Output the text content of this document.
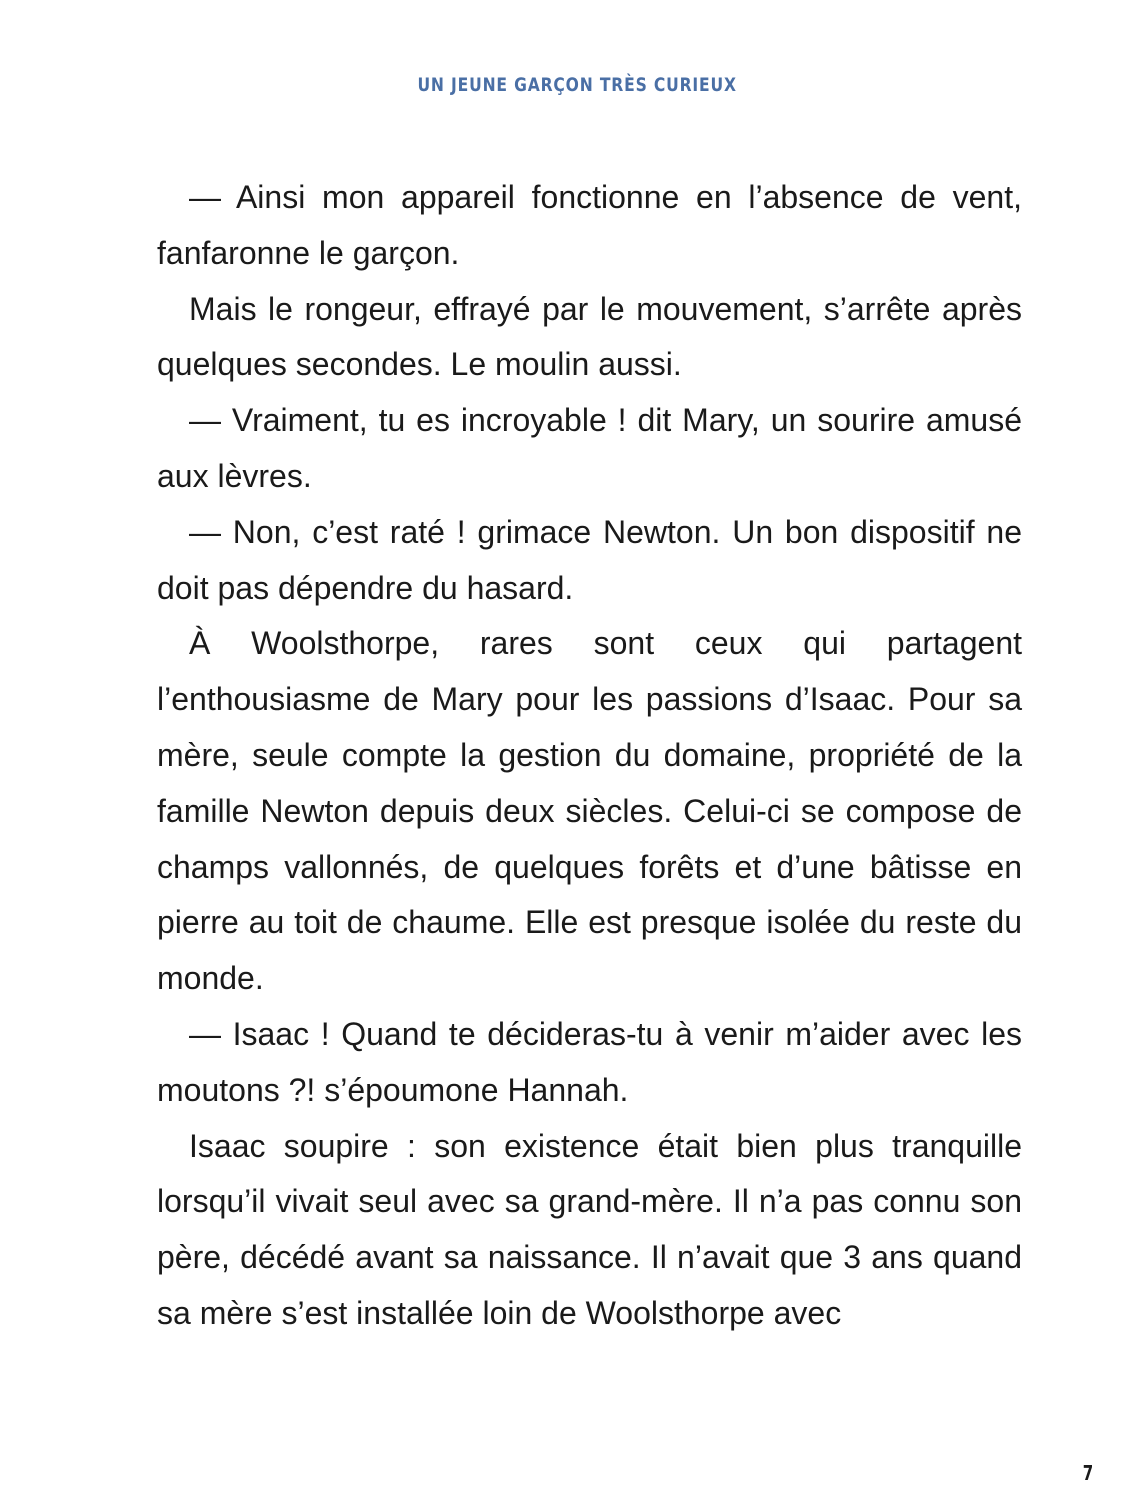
UN JEUNE GARÇON TRÈS CURIEUX

— Ainsi mon appareil fonctionne en l’absence de vent, fanfaronne le garçon.

Mais le rongeur, effrayé par le mouvement, s’arrête après quelques secondes. Le moulin aussi.

— Vraiment, tu es incroyable ! dit Mary, un sourire amusé aux lèvres.

— Non, c’est raté ! grimace Newton. Un bon dispositif ne doit pas dépendre du hasard.

À Woolsthorpe, rares sont ceux qui partagent l’enthousiasme de Mary pour les passions d’Isaac. Pour sa mère, seule compte la gestion du domaine, propriété de la famille Newton depuis deux siècles. Celui-ci se compose de champs vallonnés, de quelques forêts et d’une bâtisse en pierre au toit de chaume. Elle est presque isolée du reste du monde.

— Isaac ! Quand te décideras-tu à venir m’aider avec les moutons ?! s’époumone Hannah.

Isaac soupire : son existence était bien plus tranquille lorsqu’il vivait seul avec sa grand-mère. Il n’a pas connu son père, décédé avant sa naissance. Il n’avait que 3 ans quand sa mère s’est installée loin de Woolsthorpe avec

7
